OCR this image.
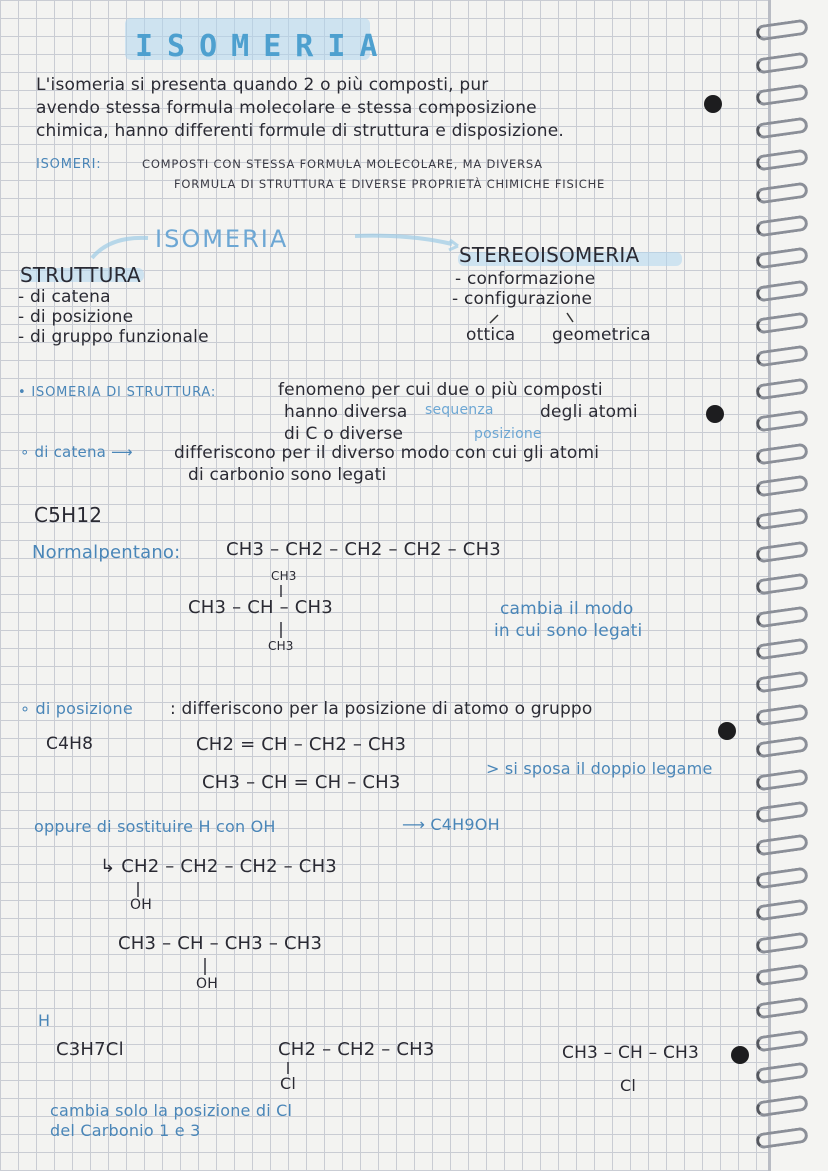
ISOMERIA
L'isomeria si presenta quando 2 o più composti, pur
avendo stessa formula molecolare e stessa composizione
chimica, hanno differenti formule di struttura e disposizione.
ISOMERI:	COMPOSTI CON STESSA FORMULA MOLECOLARE, MA DIVERSA
FORMULA DI STRUTTURA E DIVERSE PROPRIETÀ CHIMICHE FISICHE
ISOMERIA
STRUTTURA
- di catena
- di posizione
- di gruppo funzionale
STEREOISOMERIA
- conformazione
- configurazione
ottica geometrica
• ISOMERIA DI STRUTTURA:	fenomeno per cui due o più composti
hanno diversa sequenza	degli atomi
di C o diverse	posizione
∘ di catena ⟶ differiscono per il diverso modo con cui gli atomi
di carbonio sono legati
C5H12
Normalpentano:	CH3 – CH2 – CH2 – CH2 – CH3
CH3
CH3 – CH – CH3
CH3
cambia il modo
in cui sono legati
∘ di posizione : differiscono per la posizione di atomo o gruppo
C4H8	CH2 = CH – CH2 – CH3
CH3 – CH = CH – CH3
> si sposa il doppio legame
oppure di sostituire H con OH	⟶ C4H9OH
↳ CH2 – CH2 – CH2 – CH3
OH
CH3 – CH – CH3 – CH3
OH
H
C3H7Cl	CH2 – CH2 – CH3
Cl
CH3 – CH – CH3
Cl
cambia solo la posizione di Cl
del Carbonio 1 e 3
